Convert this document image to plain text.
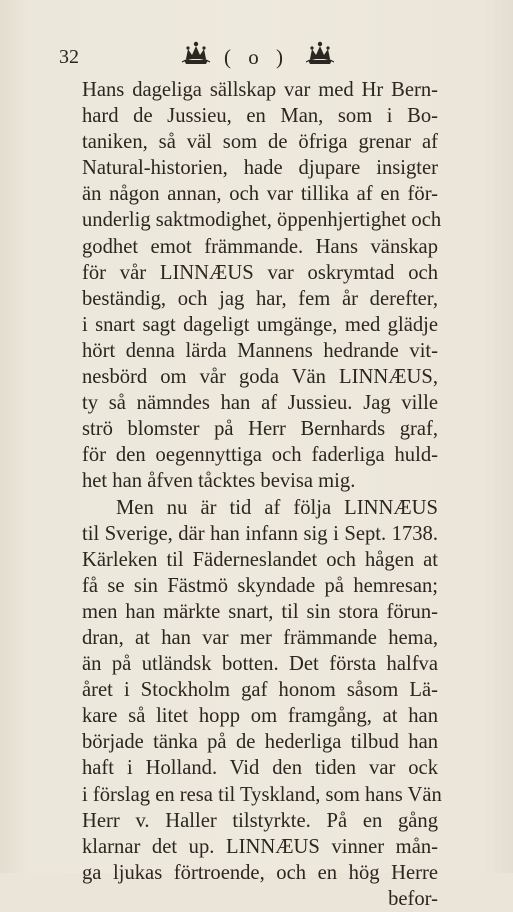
32	( o )
Hans dageliga sällskap var med Hr Bern-
hard de Jussieu, en Man, som i Bo-
taniken, så väl som de öfriga grenar af
Natural-historien, hade djupare insigter
än någon annan, och var tillika af en för-
underlig saktmodighet, öppenhjertighet och
godhet emot främmande. Hans vänskap
för vår LINNÆUS var oskrymtad och
beständig, och jag har, fem år derefter,
i snart sagt dageligt umgänge, med glädje
hört denna lärda Mannens hedrande vit-
nesbörd om vår goda Vän LINNÆUS,
ty så nämndes han af Jussieu. Jag ville
strö blomster på Herr Bernhards graf,
för den oegennyttiga och faderliga huld-
het han åfven tåcktes bevisa mig.
Men nu är tid af följa LINNÆUS
til Sverige, där han infann sig i Sept. 1738.
Kärleken til Fäderneslandet och hågen at
få se sin Fästmö skyndade på hemresan;
men han märkte snart, til sin stora förun-
dran, at han var mer främmande hema,
än på utländsk botten. Det första halfva
året i Stockholm gaf honom såsom Lä-
kare så litet hopp om framgång, at han
började tänka på de hederliga tilbud han
haft i Holland. Vid den tiden var ock
i förslag en resa til Tyskland, som hans Vän
Herr v. Haller tilstyrkte. På en gång
klarnar det up. LINNÆUS vinner mån-
ga ljukas förtroende, och en hög Herre
befor-
